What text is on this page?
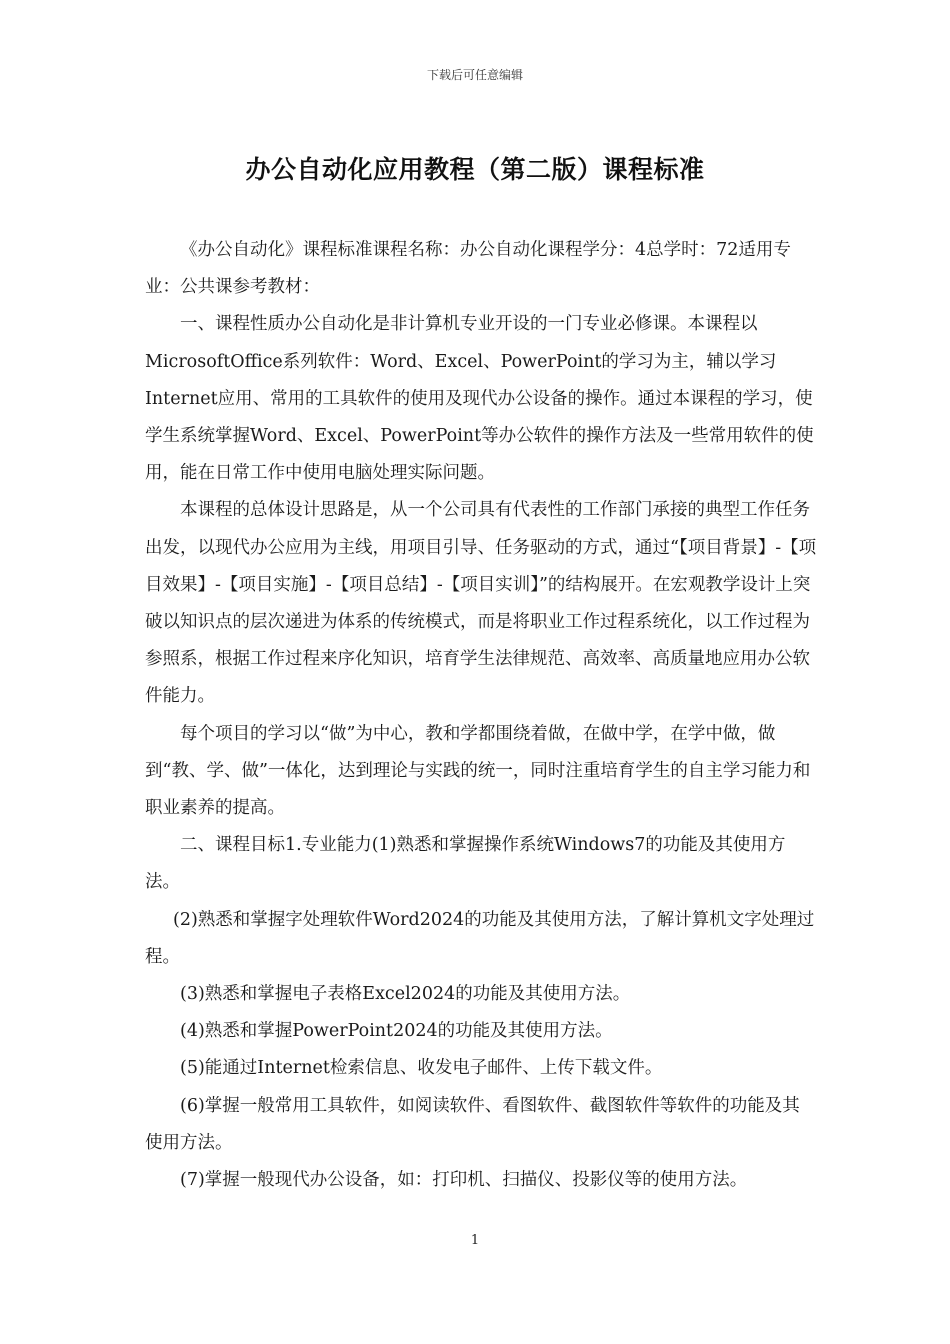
下载后可任意编辑
办公自动化应用教程（第二版）课程标准

《办公自动化》课程标准课程名称：办公自动化课程学分：4总学时：72适用专业：公共课参考教材：

一、课程性质办公自动化是非计算机专业开设的一门专业必修课。本课程以MicrosoftOffice系列软件：Word、Excel、PowerPoint的学习为主，辅以学习Internet应用、常用的工具软件的使用及现代办公设备的操作。通过本课程的学习，使学生系统掌握Word、Excel、PowerPoint等办公软件的操作方法及一些常用软件的使用，能在日常工作中使用电脑处理实际问题。

本课程的总体设计思路是，从一个公司具有代表性的工作部门承接的典型工作任务出发，以现代办公应用为主线，用项目引导、任务驱动的方式，通过“【项目背景】-【项目效果】-【项目实施】-【项目总结】-【项目实训】”的结构展开。在宏观教学设计上突破以知识点的层次递进为体系的传统模式，而是将职业工作过程系统化，以工作过程为参照系，根据工作过程来序化知识，培育学生法律规范、高效率、高质量地应用办公软件能力。

每个项目的学习以“做”为中心，教和学都围绕着做，在做中学，在学中做，做到“教、学、做”一体化，达到理论与实践的统一，同时注重培育学生的自主学习能力和职业素养的提高。

二、课程目标1.专业能力(1)熟悉和掌握操作系统Windows7的功能及其使用方法。

(2)熟悉和掌握字处理软件Word2024的功能及其使用方法，了解计算机文字处理过程。

(3)熟悉和掌握电子表格Excel2024的功能及其使用方法。

(4)熟悉和掌握PowerPoint2024的功能及其使用方法。

(5)能通过Internet检索信息、收发电子邮件、上传下载文件。

(6)掌握一般常用工具软件，如阅读软件、看图软件、截图软件等软件的功能及其使用方法。

(7)掌握一般现代办公设备，如：打印机、扫描仪、投影仪等的使用方法。

1
